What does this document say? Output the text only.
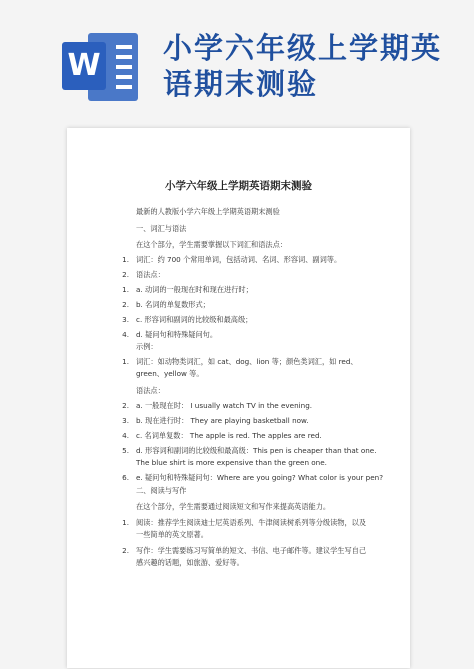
W 小学六年级上学期英语期末测验
小学六年级上学期英语期末测验
最新的人教版小学六年级上学期英语期末测验
一、词汇与语法
在这个部分，学生需要掌握以下词汇和语法点：
1. 词汇：约 700 个常用单词，包括动词、名词、形容词、副词等。
2. 语法点：
1. a. 动词的一般现在时和现在进行时；
2. b. 名词的单复数形式；
3. c. 形容词和副词的比较级和最高级；
4. d. 疑问句和特殊疑问句。
示例：
1. 词汇：如动物类词汇，如 cat、dog、lion 等；颜色类词汇，如 red、
green、yellow 等。
语法点：
2. a. 一般现在时： I usually watch TV in the evening.
3. b. 现在进行时： They are playing basketball now.
4. c. 名词单复数： The apple is red. The apples are red.
5. d. 形容词和副词的比较级和最高级：This pen is cheaper than that one.
The blue shirt is more expensive than the green one.
6. e. 疑问句和特殊疑问句：Where are you going? What color is your pen?
二、阅读与写作
在这个部分，学生需要通过阅读短文和写作来提高英语能力。
1. 阅读：推荐学生阅读迪士尼英语系列、牛津阅读树系列等分级读物，以及
一些简单的英文原著。
2. 写作：学生需要练习写简单的短文、书信、电子邮件等。建议学生写自己
感兴趣的话题，如旅游、爱好等。
